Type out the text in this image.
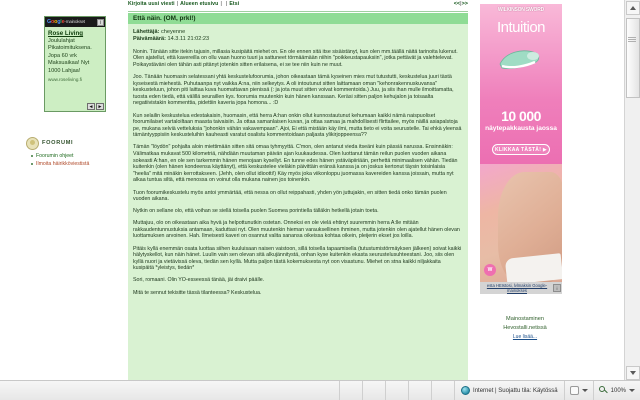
Google-mainokset	i
Rose Living
Joululahjat
Pikatoimituksena.
Jopa 60 vrk
Maksuaikaa! Nyt
1000 Lahjaa!
www.roseliving.fi
◄ ►
FOORUMI
Foorumin ohjeet
Ilmoita häirikköviestistä
Kirjoita uusi viesti | Alueen etusivu | | Etsi	<<|>>
Että näin. (OM, prkl!)
Lähettäjä: cheyenne
Päivämäärä: 14.3.11 21:02:23

Nonin. Tänään sitte itekin tajusin, millasia kusipäitä miehet on. En ole ennen sitä itse sisäistänyt, kun olen mm.täällä näitä tarinoita lukenut. Olen ajatellut, että kavereilla on ollu vaan huono tuuri ja sattuneet törmäämään niihin "poikkeustapauksiin", jotka pettävät ja valehtelevat. Poikaystäväni olen tähän asti pitänyt jotenkin sitten erilaisena, ei se tee niin kuin ne muut.

Joo. Tänään huomasin selatessani yhtä keskustelufoorumia, johon oikeastaan tämä kyseinen mies mut tutustutti, keskustelua juuri tästä kyseisestä miehestä. Puhutaanpa nyt vaikka A:na, niin selkeytys. A oli intoutunut sitten laittamaan oman "kehonrakennuskuvansa" keskusteluun, johon piti laittaa kuva huomattavan pienissä (: ja jota muut sitten voivat kommentoida.) Juu, ja siis ihan mulle ilmoittamatta, tuosta eden tiedä, että välillä seuraillen kys. foorumia muutenkin kuin hänen kanssaan. Keräsi sitten paljon kehujalon ja toisaalta negatiivistakin kommenttia, pidettiin kaveria jopa homona... :D

Kun selailin keskustelua edestakaisin, huomasin, että herra A:han onkin ollut kunnostautunut kehumaan kaikki nämä naispuoliset foorumilaiset vartaloiltaan maasta taivaisiin. Ja ottaa samanlaisen kuvan, ja ottaa samaa ja mahdollisesti flirttailee, myös näillä asiapalstoja pe, mukana selviä vetteluksia "johonkin vähän vakavempaan". Ajoi, Ei että mistään käy ilmi, mutta tieto ei voita seurustelle. Tai ehkä yleensä tämäntyyppisiin keskusteluihin kauheasti varatut osalistu kommentoidaan paljasta ylikirjoppeensa??

Tämän "löydön" pohjalta aloin miettimään sitten sitä omaa tyhmyyttä. C'mon, olen antanut vieda itseäni kuin pässiä narussa. Ensinnäkin: Välimatkaa mukavat 500 kilometriä, nähdään muutaman päivän ajan kuukaudessa. Olen luottanut tämän reilun puolen vuoden aikana sokeasti A:han, en ole sen tarkemmin hänen menojaan kysellyt. En tunne edes hänen ystäväpiiriään, perhettä minimaalisen vähän. Tiedän kuitenkin (olen hänen kondeensa käyttänyt), että keskustelee vieläkin päivittäin eränsä kanssa ja on joskus kertonut täysin toisinlaisia "heelia" mitä minäkin kerrottakseen. (Jehh, olen ollut idiootti!) Käy myös joka viikonloppu juomassa kavereiden kanssa joissain, mutta nyt alkaa tuntua siltä, että menossa on voinut olla mukana nainen jos toinenkin.

Tuon foorumikeskustelu myös antoi ymmärtää, että nessa on ollut reippahasti, yhden yön juttujakin, en sitten tiedä onko tämän puolen vuoden aikana.

Nytkin on sellane olo, että voihan se siellä toisella puolen Suomea porintiella tälläkin hetkellä jotain toeta.

Muttajuu, olo on oikeastaan aika hyvä ja helpottunutkin ostetan. Onneksi en ole vielä ehtinyt suuremmin herra A:lle mitään rakkaudentunnustuksia antamaan, kaduttasi nyt. Olen muutenkin hieman varauksellinen ihminen, mutta jotenkin olen ajatellut hänen olevan luottamuksen arvoinen. Hah. Ilmeisesti kaveri on osannut valita sanansa oikeissa kohtaa oikein, pleijerin ekset jos loilla.

Pitäis kyllä enemmän osata luottaa siihen kuuluisaan naisen vaistoon, sillä toisella tapaamisella (tutustumistörmäyksen jälkeen) soivat kaikki hälytyskellot, kun näin hänet. Luulin vain sen olevan sitä alkujännitystä, onhan kyse kuitenkin ekasta seurustelusuhteestani. Joo, siis olen kyllä nuori ja vietävissä oleva, tiedän sen kyllä. Mutta paljon tästä kokemuksesta nyt oon visastunu. Miehet on stna kaikki niljakkaita kusipäitä *yleistys, tiedän*

Sori, romaani. Olin YO-esseessä tänää, jäi draivi päälle.

Mitä te sennut tekisitte tässä tilanteessa? Keskustelua.

WILKINSON SWORD
Intuition
10 000
näytepakkausta jaossa
KLIKKAA TÄSTÄ! ▶
W
esta HEIstosi, lvlmaksin Google-mainokses	i
Mainostaminen
Hevostalli.netissä
Lue lisää...
Internet | Suojattu tila: Käytössä	100%
